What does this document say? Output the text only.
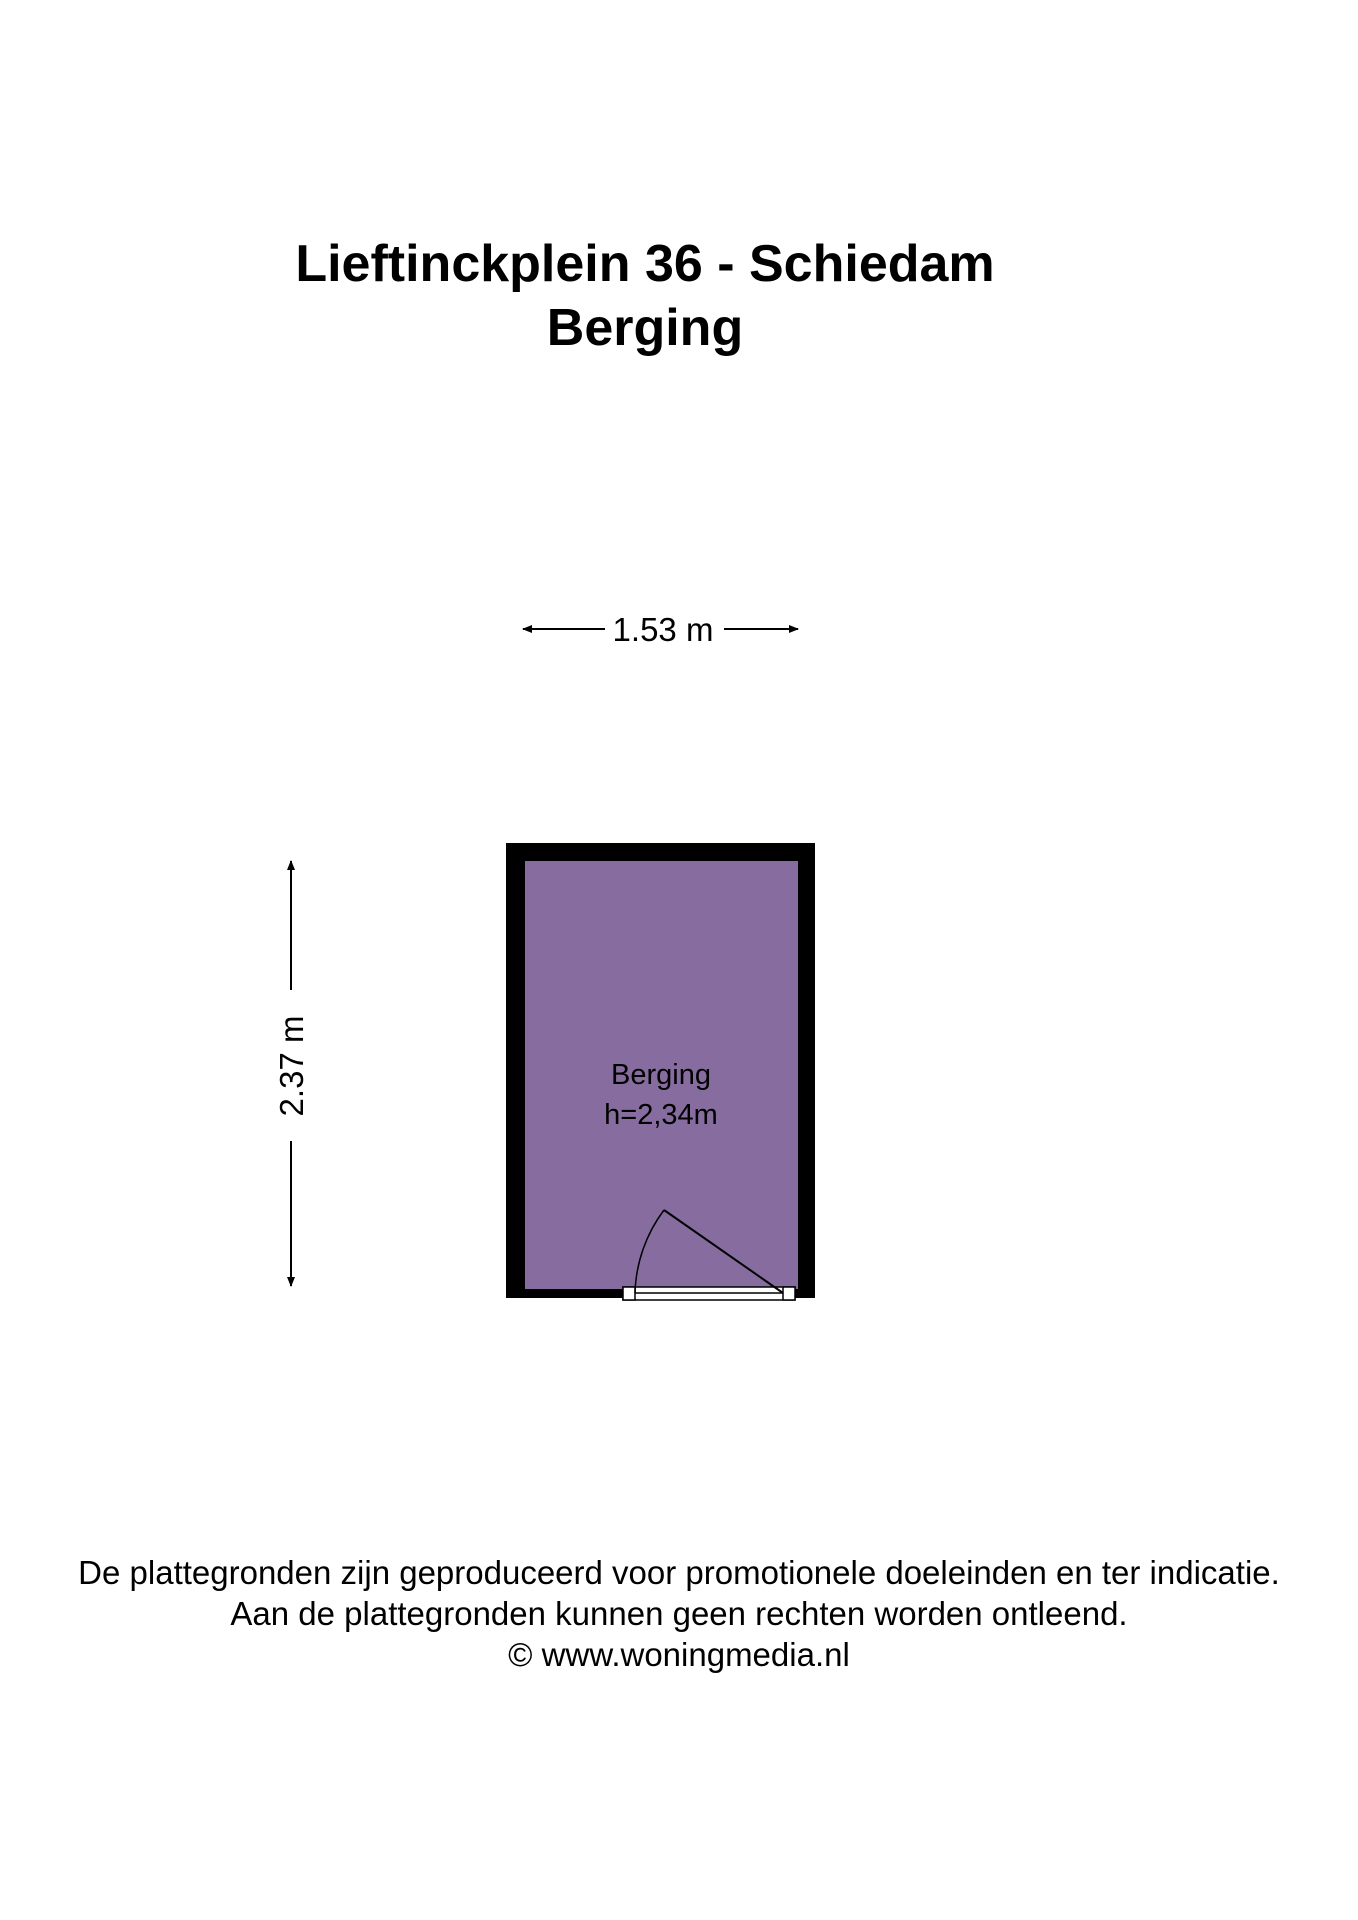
Lieftinckplein 36 - Schiedam
Berging
1.53 m
2.37 m	Berging
h=2,34m
De plattegronden zijn geproduceerd voor promotionele doeleinden en ter indicatie.
Aan de plattegronden kunnen geen rechten worden ontleend.
© www.woningmedia.nl
